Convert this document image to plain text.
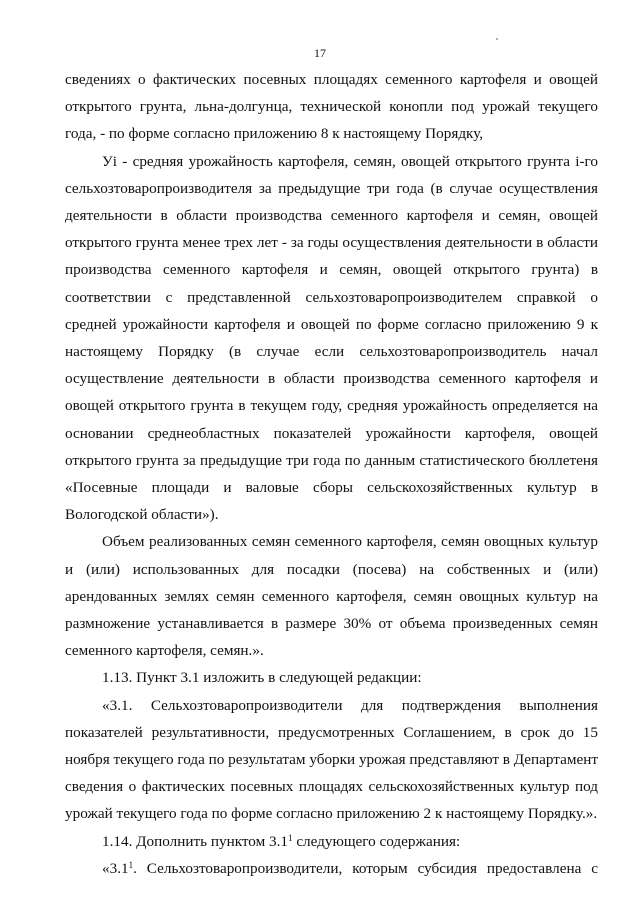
17

сведениях о фактических посевных площадях семенного картофеля и овощей открытого грунта, льна-долгунца, технической конопли под урожай текущего года, - по форме согласно приложению 8 к настоящему Порядку,

Уi - средняя урожайность картофеля, семян, овощей открытого грунта i-го сельхозтоваропроизводителя за предыдущие три года (в случае осуществления деятельности в области производства семенного картофеля и семян, овощей открытого грунта менее трех лет - за годы осуществления деятельности в области производства семенного картофеля и семян, овощей открытого грунта) в соответствии с представленной сельхозтоваропроизводителем справкой о средней урожайности картофеля и овощей по форме согласно приложению 9 к настоящему Порядку (в случае если сельхозтоваропроизводитель начал осуществление деятельности в области производства семенного картофеля и овощей открытого грунта в текущем году, средняя урожайность определяется на основании среднеобластных показателей урожайности картофеля, овощей открытого грунта за предыдущие три года по данным статистического бюллетеня «Посевные площади и валовые сборы сельскохозяйственных культур в Вологодской области»).

Объем реализованных семян семенного картофеля, семян овощных культур и (или) использованных для посадки (посева) на собственных и (или) арендованных землях семян семенного картофеля, семян овощных культур на размножение устанавливается в размере 30% от объема произведенных семян семенного картофеля, семян.».

1.13. Пункт 3.1 изложить в следующей редакции:

«3.1. Сельхозтоваропроизводители для подтверждения выполнения показателей результативности, предусмотренных Соглашением, в срок до 15 ноября текущего года по результатам уборки урожая представляют в Департамент сведения о фактических посевных площадях сельскохозяйственных культур под урожай текущего года по форме согласно приложению 2 к настоящему Порядку.».

1.14. Дополнить пунктом $3.1^1$ следующего содержания:

«$3.1^1$. Сельхозтоваропроизводители, которым субсидия предоставлена с
